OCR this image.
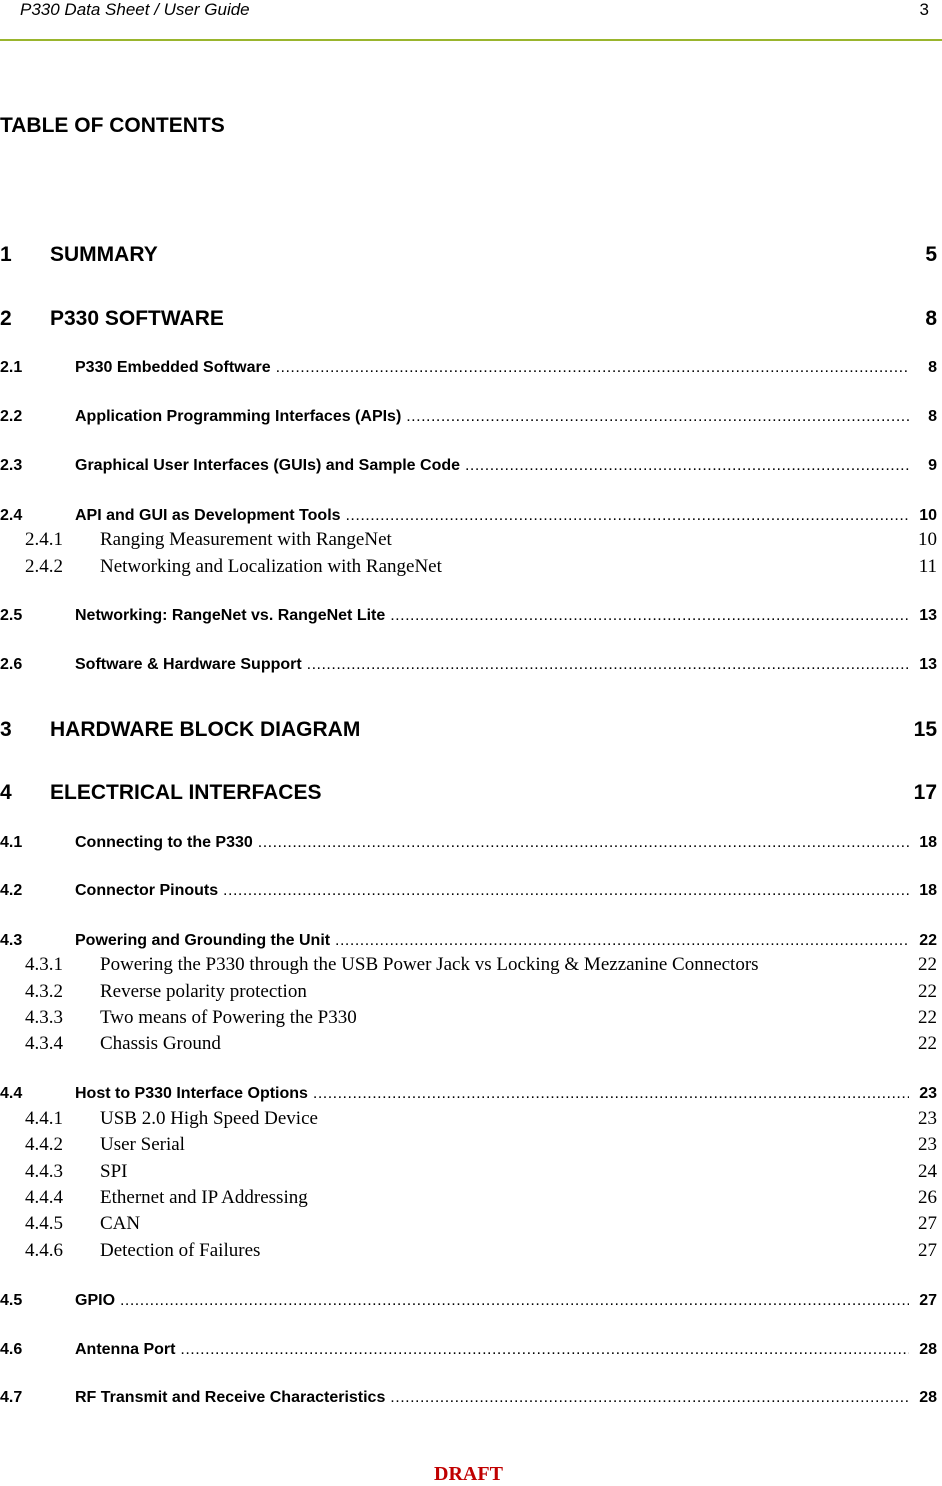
P330 Data Sheet / User Guide	3
TABLE OF CONTENTS
1 SUMMARY	5
2 P330 SOFTWARE	8
2.1	P330 Embedded Software .....	8
2.2	Application Programming Interfaces (APIs) .....	8
2.3	Graphical User Interfaces (GUIs) and Sample Code .....	9
2.4	API and GUI as Development Tools .....	10
2.4.1 Ranging Measurement with RangeNet	10
2.4.2 Networking and Localization with RangeNet	11
2.5	Networking: RangeNet vs. RangeNet Lite .....	13
2.6	Software & Hardware Support .....	13
3 HARDWARE BLOCK DIAGRAM	15
4 ELECTRICAL INTERFACES	17
4.1	Connecting to the P330 .....	18
4.2	Connector Pinouts .....	18
4.3	Powering and Grounding the Unit .....	22
4.3.1 Powering the P330 through the USB Power Jack vs Locking & Mezzanine Connectors	22
4.3.2 Reverse polarity protection	22
4.3.3 Two means of Powering the P330	22
4.3.4 Chassis Ground	22
4.4	Host to P330 Interface Options .....	23
4.4.1 USB 2.0 High Speed Device	23
4.4.2 User Serial	23
4.4.3 SPI	24
4.4.4 Ethernet and IP Addressing	26
4.4.5 CAN	27
4.4.6 Detection of Failures	27
4.5	GPIO .....	27
4.6	Antenna Port .....	28
4.7	RF Transmit and Receive Characteristics .....	28
DRAFT
